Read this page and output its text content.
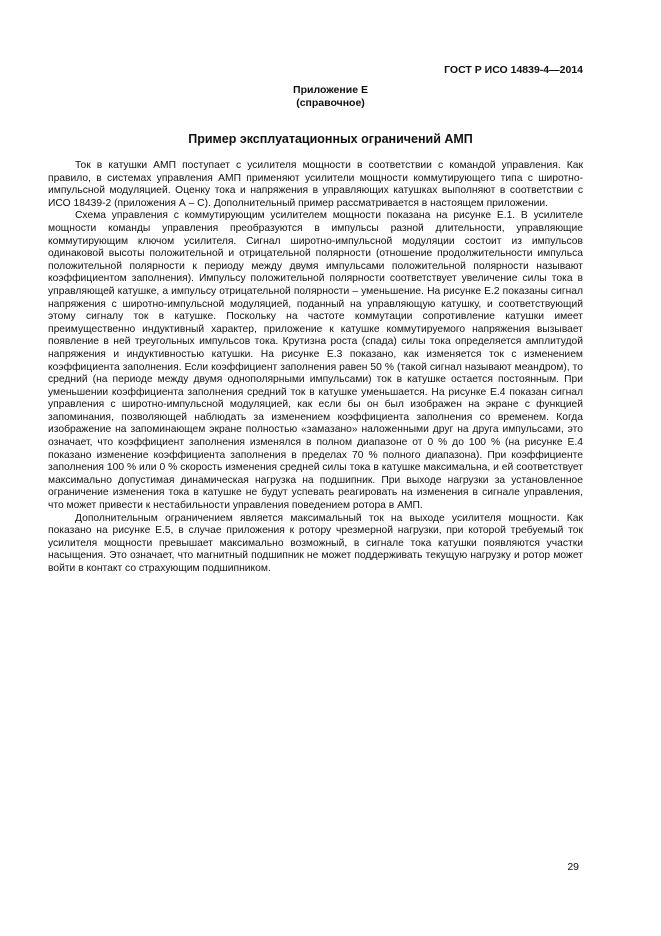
ГОСТ Р ИСО 14839-4—2014
Приложение Е
(справочное)
Пример эксплуатационных ограничений АМП

Ток в катушки АМП поступает с усилителя мощности в соответствии с командой управления. Как правило, в системах управления АМП применяют усилители мощности коммутирующего типа с широтно-импульсной модуляцией. Оценку тока и напряжения в управляющих катушках выполняют в соответствии с ИСО 18439-2 (приложения А – С). Дополнительный пример рассматривается в настоящем приложении.

Схема управления с коммутирующим усилителем мощности показана на рисунке Е.1. В усилителе мощности команды управления преобразуются в импульсы разной длительности, управляющие коммутирующим ключом усилителя. Сигнал широтно-импульсной модуляции состоит из импульсов одинаковой высоты положительной и отрицательной полярности (отношение продолжительности импульса положительной полярности к периоду между двумя импульсами положительной полярности называют коэффициентом заполнения). Импульсу положительной полярности соответствует увеличение силы тока в управляющей катушке, а импульсу отрицательной полярности – уменьшение. На рисунке Е.2 показаны сигнал напряжения с широтно-импульсной модуляцией, поданный на управляющую катушку, и соответствующий этому сигналу ток в катушке. Поскольку на частоте коммутации сопротивление катушки имеет преимущественно индуктивный характер, приложение к катушке коммутируемого напряжения вызывает появление в ней треугольных импульсов тока. Крутизна роста (спада) силы тока определяется амплитудой напряжения и индуктивностью катушки. На рисунке Е.3 показано, как изменяется ток с изменением коэффициента заполнения. Если коэффициент заполнения равен 50 % (такой сигнал называют меандром), то средний (на периоде между двумя однополярными импульсами) ток в катушке остается постоянным. При уменьшении коэффициента заполнения средний ток в катушке уменьшается. На рисунке Е.4 показан сигнал управления с широтно-импульсной модуляцией, как если бы он был изображен на экране с функцией запоминания, позволяющей наблюдать за изменением коэффициента заполнения со временем. Когда изображение на запоминающем экране полностью «замазано» наложенными друг на друга импульсами, это означает, что коэффициент заполнения изменялся в полном диапазоне от 0 % до 100 % (на рисунке Е.4 показано изменение коэффициента заполнения в пределах 70 % полного диапазона). При коэффициенте заполнения 100 % или 0 % скорость изменения средней силы тока в катушке максимальна, и ей соответствует максимально допустимая динамическая нагрузка на подшипник. При выходе нагрузки за установленное ограничение изменения тока в катушке не будут успевать реагировать на изменения в сигнале управления, что может привести к нестабильности управления поведением ротора в АМП.

Дополнительным ограничением является максимальный ток на выходе усилителя мощности. Как показано на рисунке Е.5, в случае приложения к ротору чрезмерной нагрузки, при которой требуемый ток усилителя мощности превышает максимально возможный, в сигнале тока катушки появляются участки насыщения. Это означает, что магнитный подшипник не может поддерживать текущую нагрузку и ротор может войти в контакт со страхующим подшипником.

29
